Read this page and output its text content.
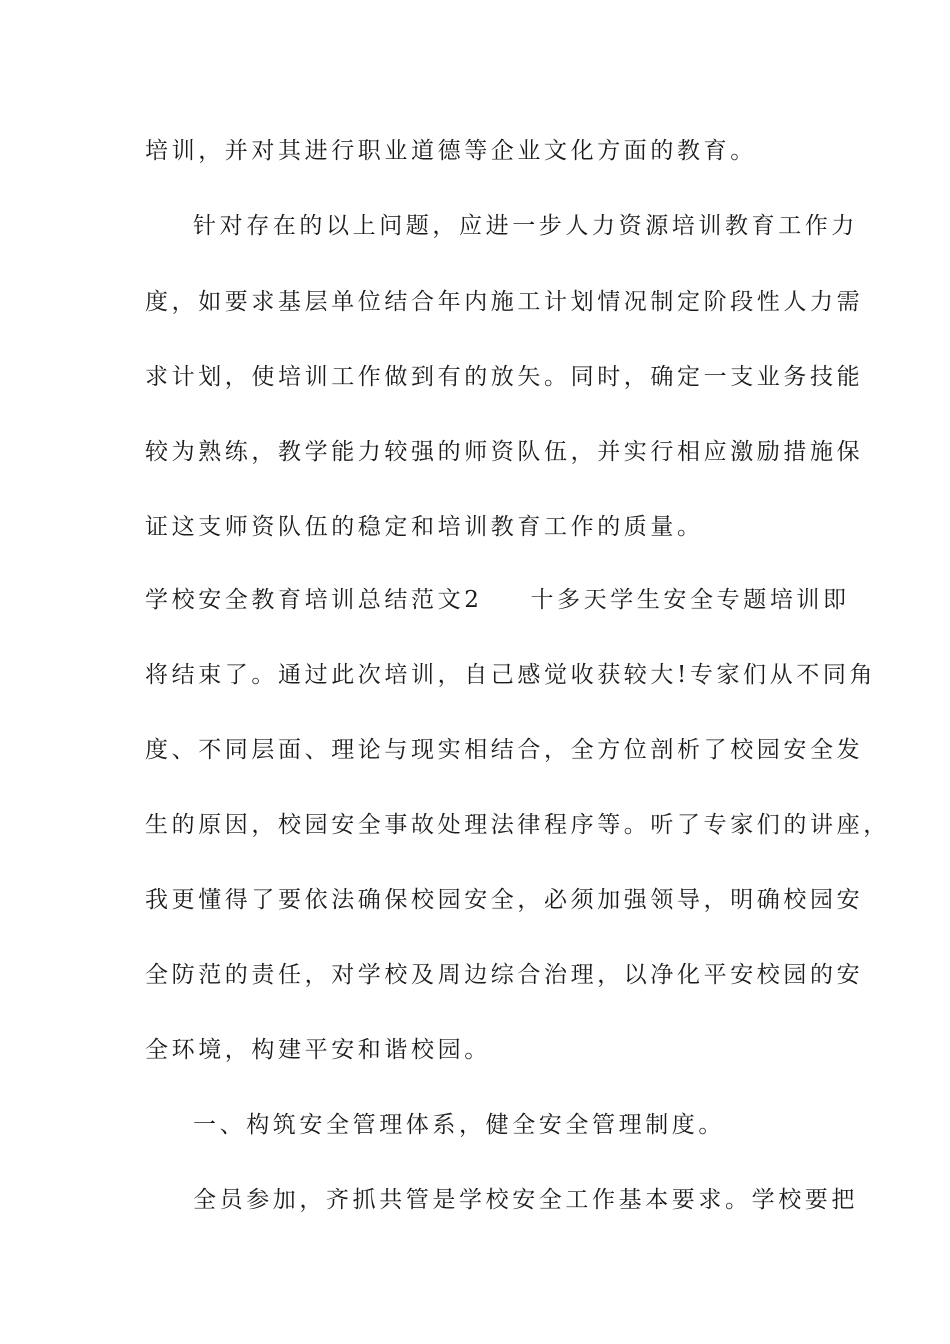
培训，并对其进行职业道德等企业文化方面的教育。
针对存在的以上问题，应进一步人力资源培训教育工作力
度，如要求基层单位结合年内施工计划情况制定阶段性人力需
求计划，使培训工作做到有的放矢。同时，确定一支业务技能
较为熟练，教学能力较强的师资队伍，并实行相应激励措施保
证这支师资队伍的稳定和培训教育工作的质量。
学校安全教育培训总结范文2 十多天学生安全专题培训即
将结束了。通过此次培训，自己感觉收获较大!专家们从不同角
度、不同层面、理论与现实相结合，全方位剖析了校园安全发
生的原因，校园安全事故处理法律程序等。听了专家们的讲座，
我更懂得了要依法确保校园安全，必须加强领导，明确校园安
全防范的责任，对学校及周边综合治理，以净化平安校园的安
全环境，构建平安和谐校园。
一、构筑安全管理体系，健全安全管理制度。
全员参加，齐抓共管是学校安全工作基本要求。学校要把
